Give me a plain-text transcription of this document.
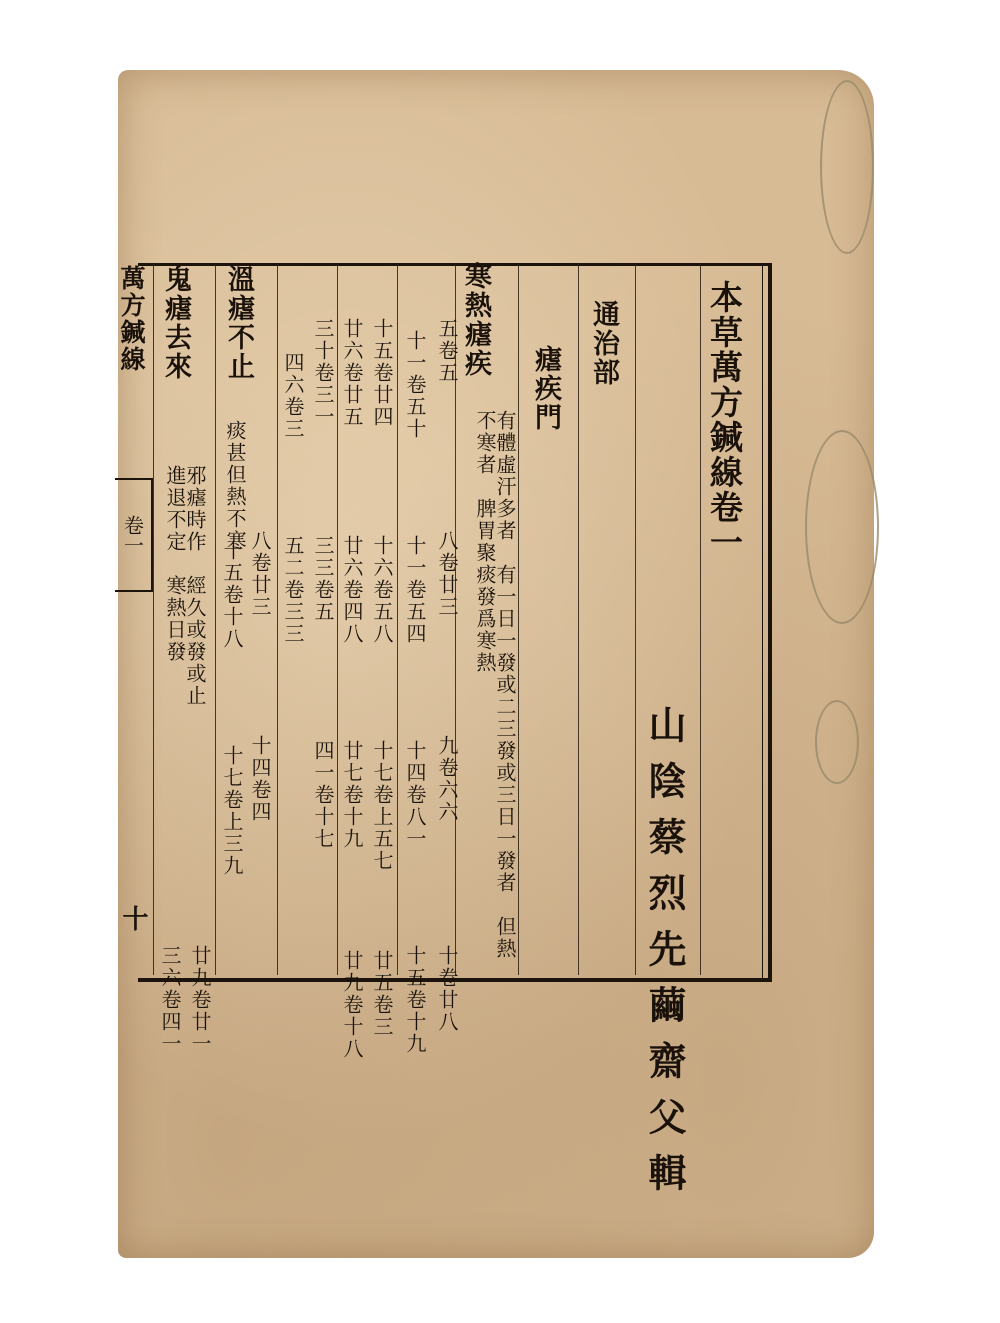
本草萬方鍼線卷一
山陰蔡烈先繭齋父輯
通治部
瘧疾門
寒熱瘧疾
有體虛汗多者　有一日一發或二三發或三日一發者　但熱不寒者　脾胃聚痰發爲寒熱
五卷五
八卷廿三
九卷六六
十卷廿八
十一卷五十
十一卷五四
十四卷八一
十五卷十九
十五卷廿四
十六卷五八
十七卷上五七
廿五卷三
廿六卷廿五
廿六卷四八
廿七卷十九
廿九卷十八
三十卷三一
三三卷五
四一卷十七
四六卷三
五二卷三三
溫瘧不止
痰甚但熱不寒
八卷廿三
十五卷十八
十四卷四
十七卷上三九
鬼瘧去來
邪瘧時作　經久或發或止　進退不定　寒熱日發
廿九卷廿一
三六卷四一
萬方鍼線
卷一
十
